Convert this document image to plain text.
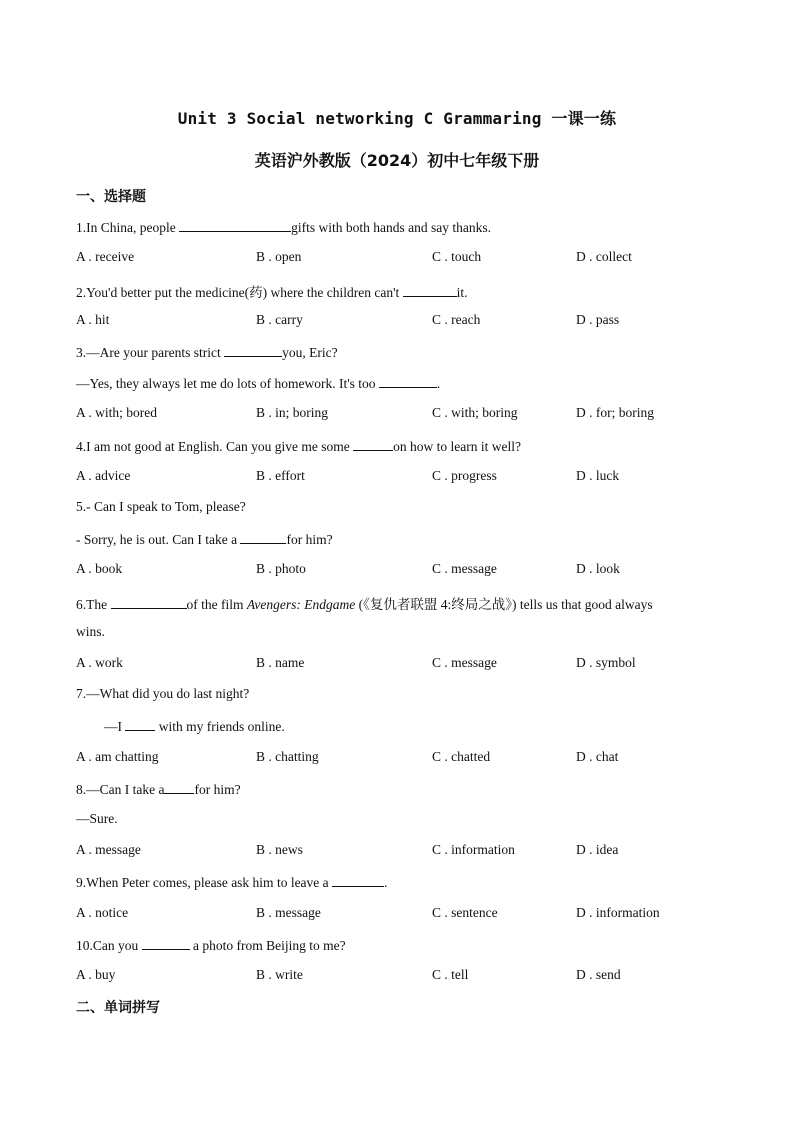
Unit 3 Social networking C Grammaring 一课一练
英语沪外教版（2024）初中七年级下册
一、选择题
1.In China, people	gifts with both hands and say thanks.
A . receive	B . open	C . touch	D . collect
2.You'd better put the medicine(药) where the children can't	it.
A . hit	B . carry	C . reach	D . pass
3.—Are your parents strict	you, Eric?
—Yes, they always let me do lots of homework. It's too	.
A . with; bored	B . in; boring	C . with; boring	D . for; boring
4.I am not good at English. Can you give me some	on how to learn it well?
A . advice	B . effort	C . progress	D . luck
5.- Can I speak to Tom, please?
- Sorry, he is out. Can I take a	for him?
A . book	B . photo	C . message	D . look
6.The	of the film Avengers: Endgame (《复仇者联盟 4:终局之战》) tells us that good always
wins.
A . work	B . name	C . message	D . symbol
7.—What did you do last night?
—I  with my friends online.
A . am chatting	B . chatting	C . chatted	D . chat
8.—Can I take a for him?
—Sure.
A . message	B . news	C . information	D . idea
9.When Peter comes, please ask him to leave a	.
A . notice	B . message	C . sentence	D . information
10.Can you	a photo from Beijing to me?
A . buy	B . write	C . tell	D . send
二、单词拼写
